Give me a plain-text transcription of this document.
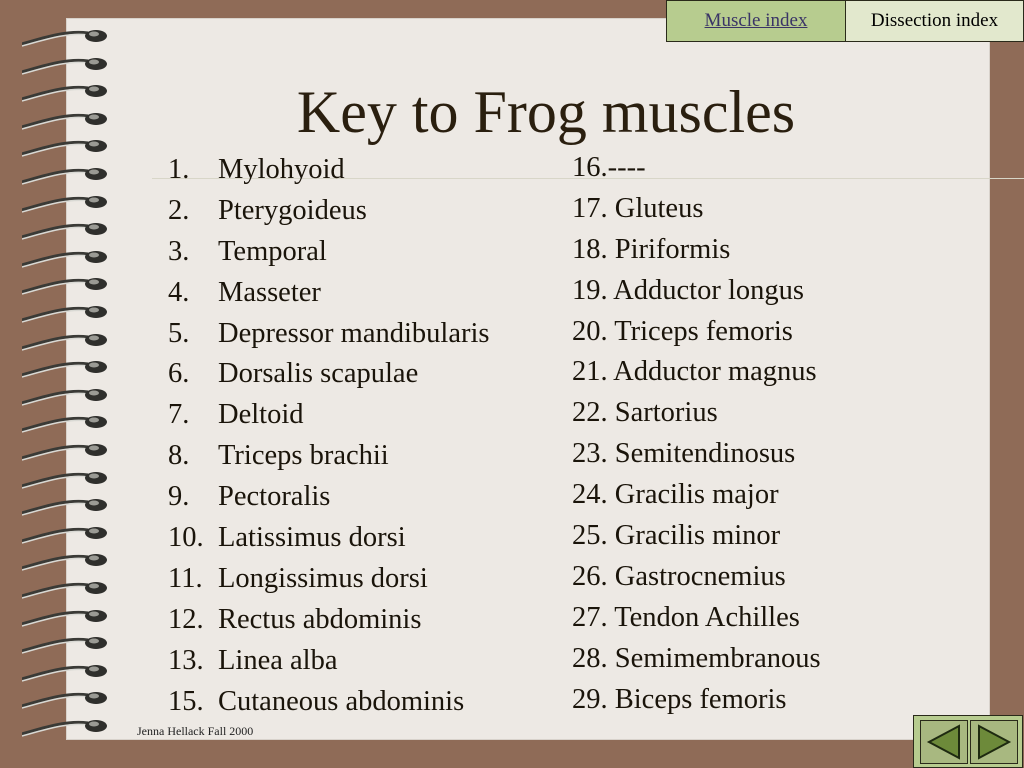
Muscle index	Dissection index
Key to Frog muscles
1.	Mylohyoid
2.	Pterygoideus
3.	Temporal
4.	Masseter
5.	Depressor mandibularis
6.	Dorsalis scapulae
7.	Deltoid
8.	Triceps brachii
9.	Pectoralis
10. Latissimus dorsi
11. Longissimus dorsi
12. Rectus abdominis
13. Linea alba
15. Cutaneous abdominis
16.----
17. Gluteus
18. Piriformis
19. Adductor longus
20. Triceps femoris
21. Adductor magnus
22. Sartorius
23. Semitendinosus
24. Gracilis major
25. Gracilis minor
26. Gastrocnemius
27. Tendon Achilles
28. Semimembranous
29. Biceps femoris
Jenna Hellack Fall 2000
